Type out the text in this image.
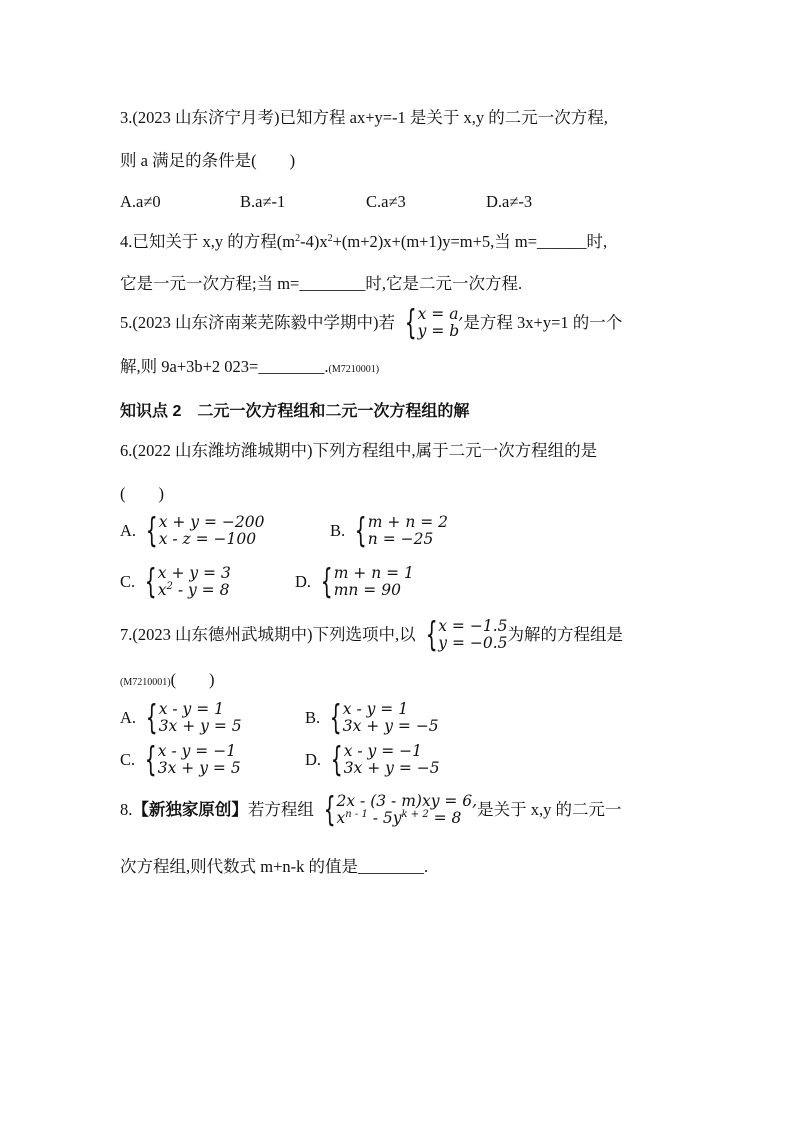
3.(2023 山东济宁月考)已知方程 ax+y=-1 是关于 x,y 的二元一次方程,
则 a 满足的条件是(　　)
A.a≠0	B.a≠-1	C.a≠3	D.a≠-3
4.已知关于 x,y 的方程$(m^2-4)x^2+(m+2)x+(m+1)y=m+5$,当 m=______时,
它是一元一次方程;当 m=________时,它是二元一次方程.
5.(2023 山东济南莱芜陈毅中学期中)若 { x = a,
y = b 是方程 3x+y=1 的一个
解,则 9a+3b+2 023=________.(M7210001)
知识点 2　二元一次方程组和二元一次方程组的解
6.(2022 山东潍坊潍城期中)下列方程组中,属于二元一次方程组的是
(　　)
A. { x + y = −200
x - z = −100	B. { m + n = 2
n = −25
C. { x + y = 3
$x^2 - y = 8$	D. { m + n = 1
mn = 90
7.(2023 山东德州武城期中)下列选项中,以 { x = −1.5
y = −0.5 为解的方程组是
(M7210001)(　　)
A. { x - y = 1
3x + y = 5	B. { x - y = 1
3x + y = −5
C. { x - y = −1
3x + y = 5	D. { x - y = −1
3x + y = −5
8. 【新独家原创】 若方程组 { 2x - (3 - m)xy = 6,
$x^{n - 1} - 5y^{k + 2} = 8$ 是关于 x,y 的二元一
次方程组,则代数式 m+n-k 的值是________.
